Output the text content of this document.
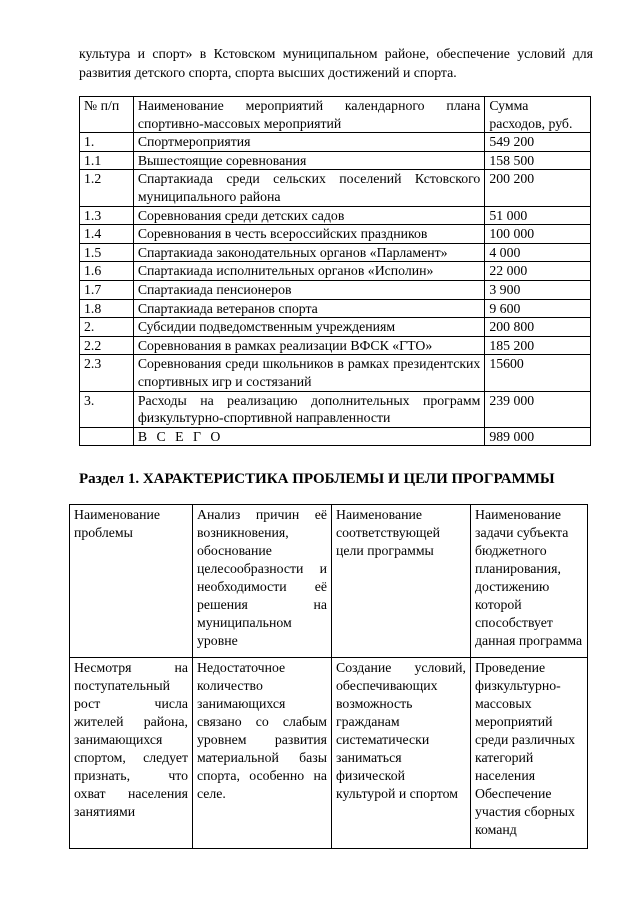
культура и спорт» в Кстовском муниципальном районе, обеспечение условий для развития детского спорта, спорта высших достижений и спорта.

№ п/п	Наименование мероприятий календарного плана спортивно-массовых мероприятий	Сумма расходов, руб.
1.	Спортмероприятия	549 200
1.1	Вышестоящие соревнования	158 500
1.2	Спартакиада среди сельских поселений Кстовского муниципального района	200 200
1.3	Соревнования среди детских садов	51 000
1.4	Соревнования в честь всероссийских праздников	100 000
1.5	Спартакиада законодательных органов «Парламент»	4 000
1.6	Спартакиада исполнительных органов «Исполин»	22 000
1.7	Спартакиада пенсионеров	3 900
1.8	Спартакиада ветеранов спорта	9 600
2.	Субсидии подведомственным учреждениям	200 800
2.2	Соревнования в рамках реализации ВФСК «ГТО»	185 200
2.3	Соревнования среди школьников в рамках президентских спортивных игр и состязаний	15600
3.	Расходы на реализацию дополнительных программ физкультурно-спортивной направленности	239 000
	В С Е Г О	989 000
Раздел 1. ХАРАКТЕРИСТИКА ПРОБЛЕМЫ И ЦЕЛИ ПРОГРАММЫ
Наименование проблемы	Анализ причин её возникновения, обоснование целесообразности и необходимости её решения на муниципальном уровне	Наименование соответствующей цели программы	Наименование задачи субъекта бюджетного планирования, достижению которой способствует данная программа

Несмотря на поступательный рост числа жителей района, занимающихся спортом, следует признать, что охват населения занятиями	Недостаточное количество занимающихся связано со слабым уровнем развития материальной базы спорта, особенно на селе.	Создание условий, обеспечивающих возможность гражданам систематически заниматься физической культурой и спортом	Проведение физкультурно-массовых мероприятий среди различных категорий населения Обеспечение участия сборных команд
